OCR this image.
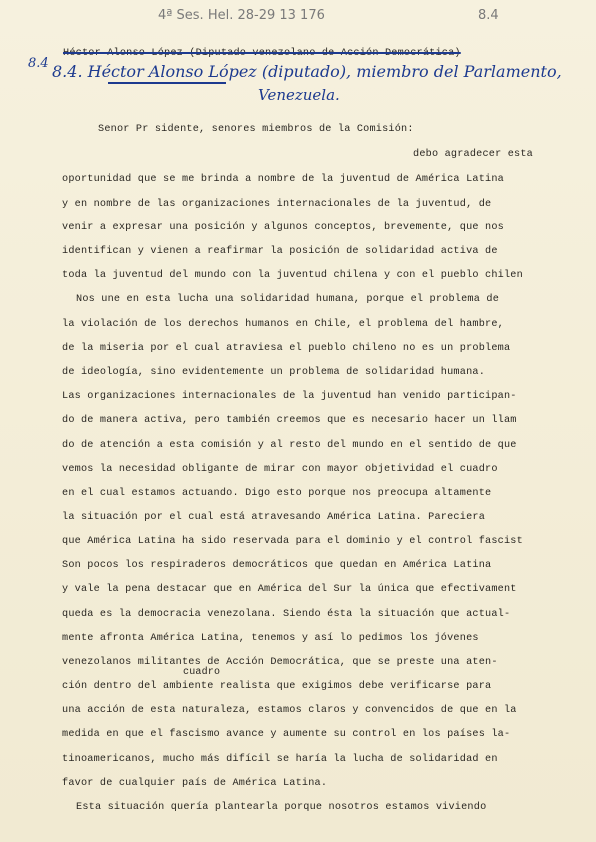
4ª Ses. Hel. 28-29 13 176	8.4
Héctor Alonso López (Diputado venezolano de Acción Democrática)
8.4 8.4. Héctor Alonso López (diputado), miembro del Parlamento,
Venezuela.
Senor Pr sidente, senores miembros de la Comisión:
debo agradecer esta
oportunidad que se me brinda a nombre de la juventud de América Latina
y en nombre de las organizaciones internacionales de la juventud, de
venir a expresar una posición y algunos conceptos, brevemente, que nos
identifican y vienen a reafirmar la posición de solidaridad activa de
toda la juventud del mundo con la juventud chilena y con el pueblo chilen
Nos une en esta lucha una solidaridad humana, porque el problema de
la violación de los derechos humanos en Chile, el problema del hambre,
de la miseria por el cual atraviesa el pueblo chileno no es un problema
de ideología, sino evidentemente un problema de solidaridad humana.
Las organizaciones internacionales de la juventud han venido participan-
do de manera activa, pero también creemos que es necesario hacer un llam
do de atención a esta comisión y al resto del mundo en el sentido de que
vemos la necesidad obligante de mirar con mayor objetividad el cuadro
en el cual estamos actuando. Digo esto porque nos preocupa altamente
la situación por el cual está atravesando América Latina. Pareciera
que América Latina ha sido reservada para el dominio y el control fascist
Son pocos los respiraderos democráticos que quedan en América Latina
y vale la pena destacar que en América del Sur la única que efectivament
queda es la democracia venezolana. Siendo ésta la situación que actual-
mente afronta América Latina, tenemos y así lo pedimos los jóvenes
venezolanos militantes de Acción Democrática, que se preste una aten-
cuadro
ción dentro del ambiente realista que exigimos debe verificarse para
una acción de esta naturaleza, estamos claros y convencidos de que en la
medida en que el fascismo avance y aumente su control en los países la-
tinoamericanos, mucho más difícil se haría la lucha de solidaridad en
favor de cualquier país de América Latina.
Esta situación quería plantearla porque nosotros estamos viviendo
